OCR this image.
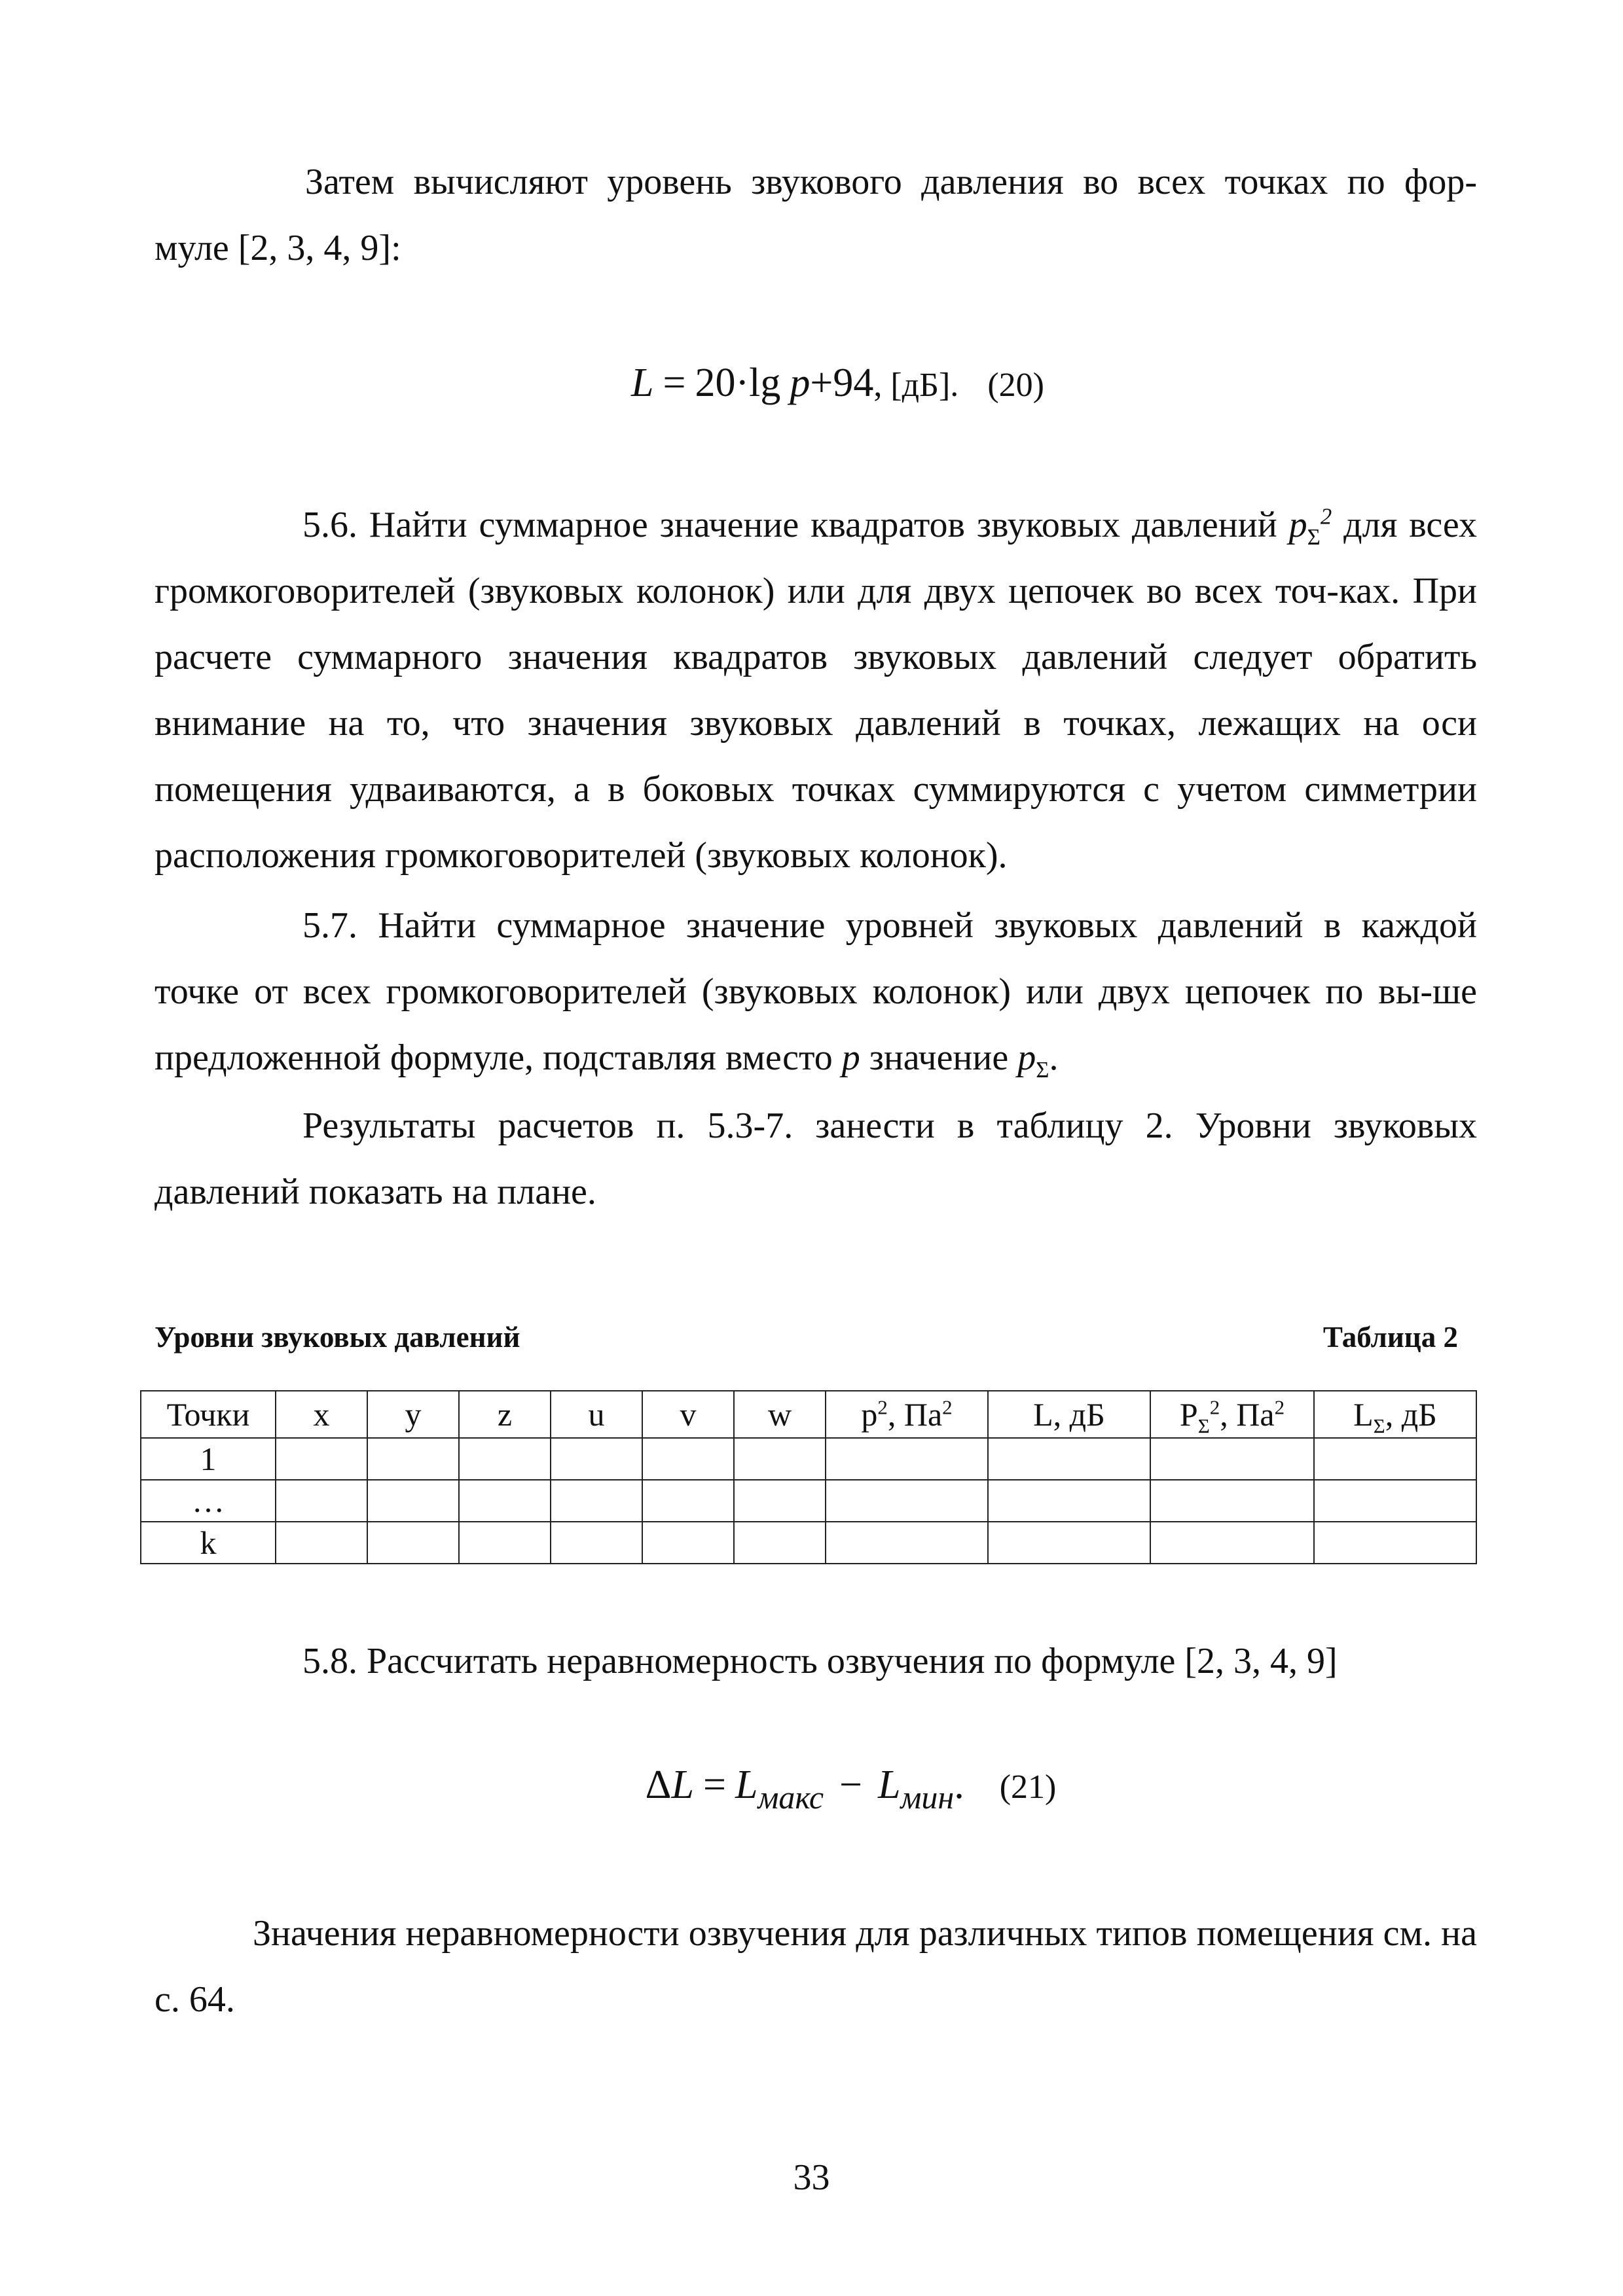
Затем вычисляют уровень звукового давления во всех точках по фор-
муле [2, 3, 4, 9]:

L = 20·lg p+94, [дБ]. (20)

5.6. Найти суммарное значение квадратов звуковых давлений $p_\Sigma^2$ для всех громкоговорителей (звуковых колонок) или для двух цепочек во всех точ-ках. При расчете суммарного значения квадратов звуковых давлений следует обратить внимание на то, что значения звуковых давлений в точках, лежащих на оси помещения удваиваются, а в боковых точках суммируются с учетом симметрии расположения громкоговорителей (звуковых колонок).

5.7. Найти суммарное значение уровней звуковых давлений в каждой точке от всех громкоговорителей (звуковых колонок) или двух цепочек по вы-ше предложенной формуле, подставляя вместо p значение $p_\Sigma$.

Результаты расчетов п. 5.3-7. занести в таблицу 2. Уровни звуковых давлений показать на плане.

Уровни звуковых давлений	Таблица 2
Точки	x	y	z	u	v	w	$p^2$, $Па^2$	L, дБ	$P_\Sigma^2$, $Па^2$	$L_\Sigma$, дБ
1										
…										
k										

5.8. Рассчитать неравномерность озвучения по формуле [2, 3, 4, 9]

ΔL = Lмакс − Lмин. (21)

Значения неравномерности озвучения для различных типов помещения см. на с. 64.

33
